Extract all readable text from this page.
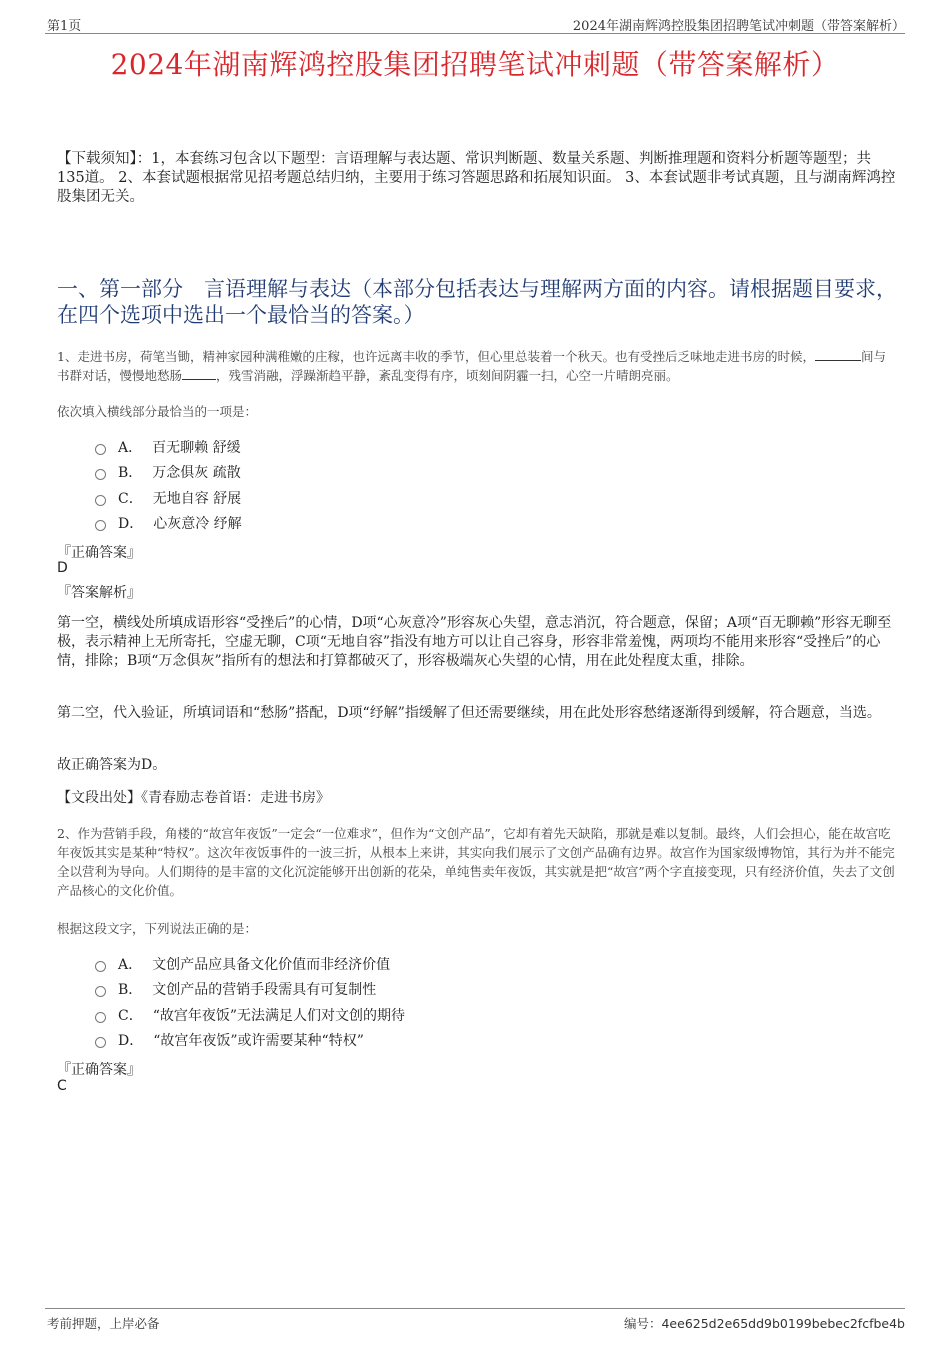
第1页	2024年湖南辉鸿控股集团招聘笔试冲刺题（带答案解析）
2024年湖南辉鸿控股集团招聘笔试冲刺题（带答案解析）
【下载须知】：1，本套练习包含以下题型：言语理解与表达题、常识判断题、数量关系题、判断推理题和资料分析题等题型；共135道。 2、本套试题根据常见招考题总结归纳，主要用于练习答题思路和拓展知识面。 3、本套试题非考试真题，且与湖南辉鸿控股集团无关。
一、第一部分　言语理解与表达（本部分包括表达与理解两方面的内容。请根据题目要求，在四个选项中选出一个最恰当的答案。）
1、走进书房，荷笔当锄，精神家园种满稚嫩的庄稼，也许远离丰收的季节，但心里总装着一个秋天。也有受挫后乏味地走进书房的时候，	间与书群对话，慢慢地愁肠	，残雪消融，浮躁渐趋平静，紊乱变得有序，顷刻间阴霾一扫，心空一片晴朗亮丽。
依次填入横线部分最恰当的一项是：
A． 百无聊赖 舒缓
B． 万念俱灰 疏散
C． 无地自容 舒展
D． 心灰意冷 纾解
『正确答案』
D
『答案解析』
第一空，横线处所填成语形容“受挫后”的心情，D项“心灰意冷”形容灰心失望，意志消沉，符合题意，保留；A项“百无聊赖”形容无聊至极，表示精神上无所寄托，空虚无聊，C项“无地自容”指没有地方可以让自己容身，形容非常羞愧，两项均不能用来形容“受挫后”的心情，排除；B项“万念俱灰”指所有的想法和打算都破灭了，形容极端灰心失望的心情，用在此处程度太重，排除。
第二空，代入验证，所填词语和“愁肠”搭配，D项“纾解”指缓解了但还需要继续，用在此处形容愁绪逐渐得到缓解，符合题意，当选。
故正确答案为D。
【文段出处】《青春励志卷首语：走进书房》
2、作为营销手段，角楼的“故宫年夜饭”一定会“一位难求”，但作为“文创产品”，它却有着先天缺陷，那就是难以复制。最终，人们会担心，能在故宫吃年夜饭其实是某种“特权”。这次年夜饭事件的一波三折，从根本上来讲，其实向我们展示了文创产品确有边界。故宫作为国家级博物馆，其行为并不能完全以营利为导向。人们期待的是丰富的文化沉淀能够开出创新的花朵，单纯售卖年夜饭，其实就是把“故宫”两个字直接变现，只有经济价值，失去了文创产品核心的文化价值。
根据这段文字，下列说法正确的是：
A． 文创产品应具备文化价值而非经济价值
B． 文创产品的营销手段需具有可复制性
C． “故宫年夜饭”无法满足人们对文创的期待
D． “故宫年夜饭”或许需要某种“特权”
『正确答案』
C
考前押题，上岸必备	编号：4ee625d2e65dd9b0199bebec2fcfbe4b
